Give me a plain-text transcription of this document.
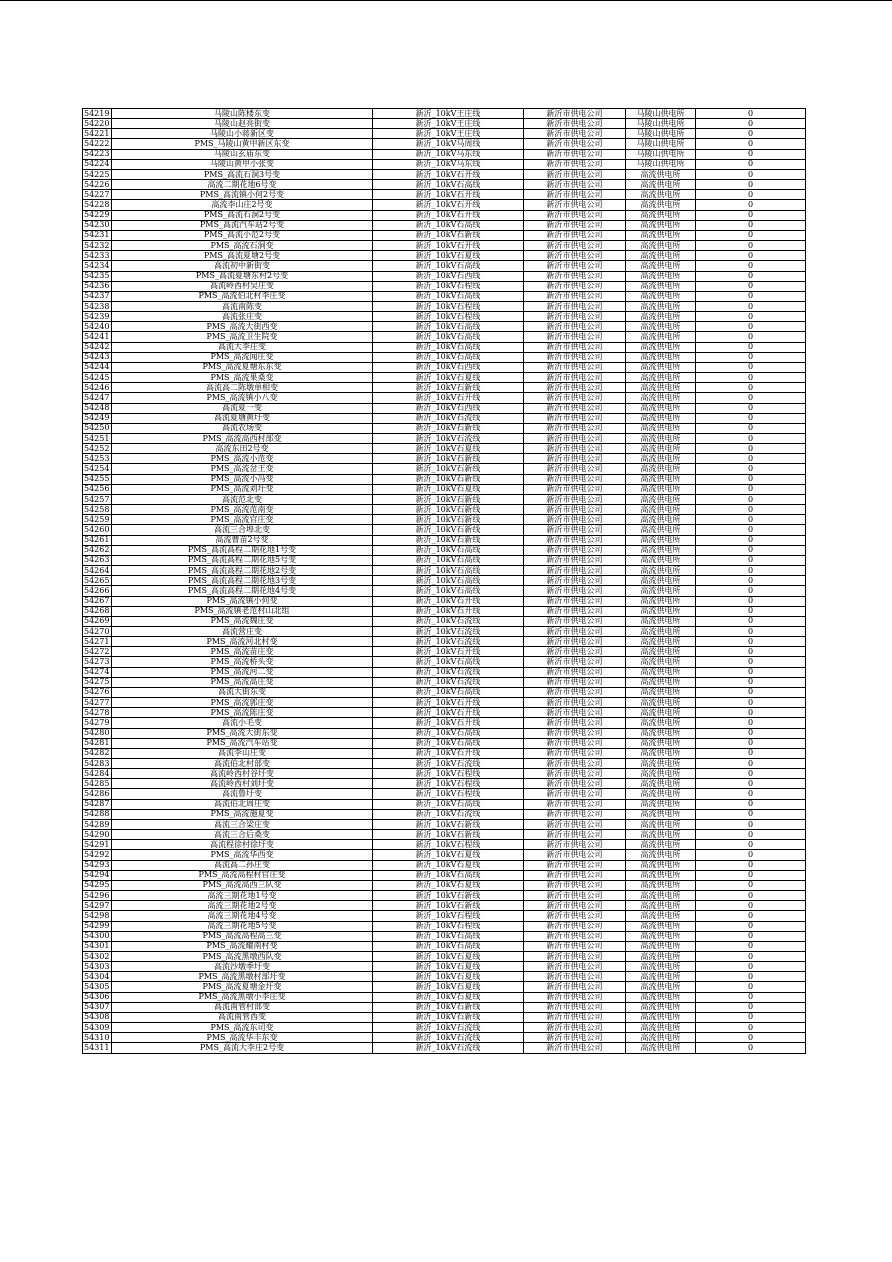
54219	马陵山陈楼东变	新沂_10kV王庄线	新沂市供电公司	马陵山供电所	0
54220	马陵山赵亮街变	新沂_10kV王庄线	新沂市供电公司	马陵山供电所	0
54221	马陵山小蒋新区变	新沂_10kV王庄线	新沂市供电公司	马陵山供电所	0
54222	PMS_马陵山黄甲新区东变	新沂_10kV马周线	新沂市供电公司	马陵山供电所	0
54223	马陵山玄庙东变	新沂_10kV马东线	新沂市供电公司	马陵山供电所	0
54224	马陵山黄甲小张变	新沂_10kV马东线	新沂市供电公司	马陵山供电所	0
54225	PMS_高流石洞3号变	新沂_10kV石开线	新沂市供电公司	高流供电所	0
54226	高流二期花地6号变	新沂_10kV石高线	新沂市供电公司	高流供电所	0
54227	PMS_高流镇小何2号变	新沂_10kV石开线	新沂市供电公司	高流供电所	0
54228	高流李山庄2号变	新沂_10kV石开线	新沂市供电公司	高流供电所	0
54229	PMS_高流石洞2号变	新沂_10kV石开线	新沂市供电公司	高流供电所	0
54230	PMS_高流汽车站2号变	新沂_10kV石高线	新沂市供电公司	高流供电所	0
54231	PMS_高流小范2号变	新沂_10kV石新线	新沂市供电公司	高流供电所	0
54232	PMS_高流石洞变	新沂_10kV石开线	新沂市供电公司	高流供电所	0
54233	PMS_高流夏塘2号变	新沂_10kV石夏线	新沂市供电公司	高流供电所	0
54234	高流初中新街变	新沂_10kV石高线	新沂市供电公司	高流供电所	0
54235	PMS_高流夏塘东村2号变	新沂_10kV石西线	新沂市供电公司	高流供电所	0
54236	高流岭西村吴庄变	新沂_10kV石程线	新沂市供电公司	高流供电所	0
54237	PMS_高流伯北村李庄变	新沂_10kV石高线	新沂市供电公司	高流供电所	0
54238	高流南陈变	新沂_10kV石程线	新沂市供电公司	高流供电所	0
54239	高流张庄变	新沂_10kV石程线	新沂市供电公司	高流供电所	0
54240	PMS_高流大街西变	新沂_10kV石高线	新沂市供电公司	高流供电所	0
54241	PMS_高流卫生院变	新沂_10kV石高线	新沂市供电公司	高流供电所	0
54242	高流大李庄变	新沂_10kV石高线	新沂市供电公司	高流供电所	0
54243	PMS_高流闻庄变	新沂_10kV石高线	新沂市供电公司	高流供电所	0
54244	PMS_高流夏塘东东变	新沂_10kV石西线	新沂市供电公司	高流供电所	0
54245	PMS_高流果桑变	新沂_10kV石夏线	新沂市供电公司	高流供电所	0
54246	高流高二陈墩单相变	新沂_10kV石新线	新沂市供电公司	高流供电所	0
54247	PMS_高流镇小八变	新沂_10kV石开线	新沂市供电公司	高流供电所	0
54248	高流夏一变	新沂_10kV石西线	新沂市供电公司	高流供电所	0
54249	高流夏塘黄圩变	新沂_10kV石流线	新沂市供电公司	高流供电所	0
54250	高流农场变	新沂_10kV石新线	新沂市供电公司	高流供电所	0
54251	PMS_高流高西村部变	新沂_10kV石流线	新沂市供电公司	高流供电所	0
54252	高流东田2号变	新沂_10kV石夏线	新沂市供电公司	高流供电所	0
54253	PMS_高流小范变	新沂_10kV石新线	新沂市供电公司	高流供电所	0
54254	PMS_高流岔王变	新沂_10kV石新线	新沂市供电公司	高流供电所	0
54255	PMS_高流小冯变	新沂_10kV石新线	新沂市供电公司	高流供电所	0
54256	PMS_高流刘圩变	新沂_10kV石夏线	新沂市供电公司	高流供电所	0
54257	高流范北变	新沂_10kV石新线	新沂市供电公司	高流供电所	0
54258	PMS_高流范南变	新沂_10kV石新线	新沂市供电公司	高流供电所	0
54259	PMS_高流官庄变	新沂_10kV石新线	新沂市供电公司	高流供电所	0
54260	高流三合埠北变	新沂_10kV石新线	新沂市供电公司	高流供电所	0
54261	高流曹苗2号变	新沂_10kV石新线	新沂市供电公司	高流供电所	0
54262	PMS_高流高程二期花地1号变	新沂_10kV石高线	新沂市供电公司	高流供电所	0
54263	PMS_高流高程二期花地5号变	新沂_10kV石高线	新沂市供电公司	高流供电所	0
54264	PMS_高流高程二期花地2号变	新沂_10kV石高线	新沂市供电公司	高流供电所	0
54265	PMS_高流高程二期花地3号变	新沂_10kV石高线	新沂市供电公司	高流供电所	0
54266	PMS_高流高程二期花地4号变	新沂_10kV石高线	新沂市供电公司	高流供电所	0
54267	PMS_高流镇小何变	新沂_10kV石开线	新沂市供电公司	高流供电所	0
54268	PMS_高流镇老范村山北组	新沂_10kV石开线	新沂市供电公司	高流供电所	0
54269	PMS_高流魏庄变	新沂_10kV石流线	新沂市供电公司	高流供电所	0
54270	高流营庄变	新沂_10kV石流线	新沂市供电公司	高流供电所	0
54271	PMS_高流河北村变	新沂_10kV石流线	新沂市供电公司	高流供电所	0
54272	PMS_高流苗庄变	新沂_10kV石开线	新沂市供电公司	高流供电所	0
54273	PMS_高流桥头变	新沂_10kV石高线	新沂市供电公司	高流供电所	0
54274	PMS_高流河二变	新沂_10kV石流线	新沂市供电公司	高流供电所	0
54275	PMS_高流高庄变	新沂_10kV石流线	新沂市供电公司	高流供电所	0
54276	高流大街东变	新沂_10kV石高线	新沂市供电公司	高流供电所	0
54277	PMS_高流郭庄变	新沂_10kV石开线	新沂市供电公司	高流供电所	0
54278	PMS_高流陈庄变	新沂_10kV石开线	新沂市供电公司	高流供电所	0
54279	高流小毛变	新沂_10kV石开线	新沂市供电公司	高流供电所	0
54280	PMS_高流大街东变	新沂_10kV石高线	新沂市供电公司	高流供电所	0
54281	PMS_高流汽车站变	新沂_10kV石高线	新沂市供电公司	高流供电所	0
54282	高流李山庄变	新沂_10kV石开线	新沂市供电公司	高流供电所	0
54283	高流伯北村部变	新沂_10kV石流线	新沂市供电公司	高流供电所	0
54284	高流岭西村谷圩变	新沂_10kV石程线	新沂市供电公司	高流供电所	0
54285	高流岭西村刘圩变	新沂_10kV石程线	新沂市供电公司	高流供电所	0
54286	高流鲁圩变	新沂_10kV石程线	新沂市供电公司	高流供电所	0
54287	高流伯北周庄变	新沂_10kV石高线	新沂市供电公司	高流供电所	0
54288	PMS_高流施夏变	新沂_10kV石流线	新沂市供电公司	高流供电所	0
54289	高流三合梁庄变	新沂_10kV石新线	新沂市供电公司	高流供电所	0
54290	高流三合后桑变	新沂_10kV石新线	新沂市供电公司	高流供电所	0
54291	高流程徐村徐圩变	新沂_10kV石程线	新沂市供电公司	高流供电所	0
54292	PMS_高流华西变	新沂_10kV石夏线	新沂市供电公司	高流供电所	0
54293	高流高二孙庄变	新沂_10kV石夏线	新沂市供电公司	高流供电所	0
54294	PMS_高流高程村官庄变	新沂_10kV石高线	新沂市供电公司	高流供电所	0
54295	PMS_高流高西三队变	新沂_10kV石夏线	新沂市供电公司	高流供电所	0
54296	高流三期花地1号变	新沂_10kV石新线	新沂市供电公司	高流供电所	0
54297	高流三期花地2号变	新沂_10kV石新线	新沂市供电公司	高流供电所	0
54298	高流三期花地4号变	新沂_10kV石程线	新沂市供电公司	高流供电所	0
54299	高流三期花地5号变	新沂_10kV石程线	新沂市供电公司	高流供电所	0
54300	PMS_高流高程高三变	新沂_10kV石高线	新沂市供电公司	高流供电所	0
54301	PMS_高流耀南村变	新沂_10kV石高线	新沂市供电公司	高流供电所	0
54302	PMS_高流黑墩西队变	新沂_10kV石夏线	新沂市供电公司	高流供电所	0
54303	高流沙墩季圩变	新沂_10kV石夏线	新沂市供电公司	高流供电所	0
54304	PMS_高流黑墩村部圩变	新沂_10kV石夏线	新沂市供电公司	高流供电所	0
54305	PMS_高流夏塘金圩变	新沂_10kV石夏线	新沂市供电公司	高流供电所	0
54306	PMS_高流黑墩小李庄变	新沂_10kV石夏线	新沂市供电公司	高流供电所	0
54307	高流南管村部变	新沂_10kV石新线	新沂市供电公司	高流供电所	0
54308	高流南管西变	新沂_10kV石新线	新沂市供电公司	高流供电所	0
54309	PMS_高流东司变	新沂_10kV石流线	新沂市供电公司	高流供电所	0
54310	PMS_高流华丰东变	新沂_10kV石流线	新沂市供电公司	高流供电所	0
54311	PMS_高流大李庄2号变	新沂_10kV石流线	新沂市供电公司	高流供电所	0
